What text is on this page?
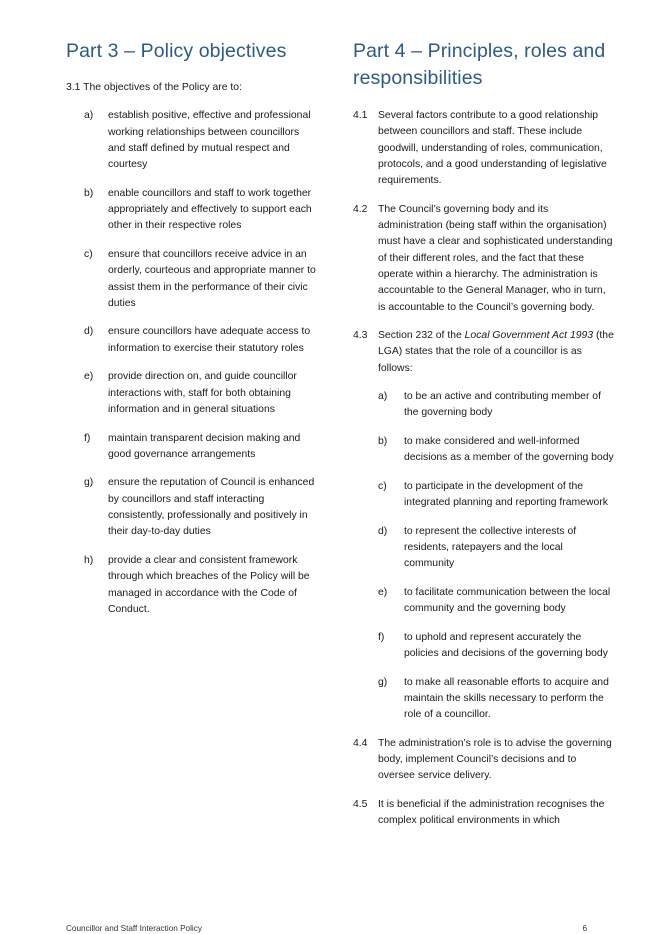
Part 3 – Policy objectives

3.1 The objectives of the Policy are to:

a) establish positive, effective and professional working relationships between councillors and staff defined by mutual respect and courtesy
b) enable councillors and staff to work together appropriately and effectively to support each other in their respective roles
c) ensure that councillors receive advice in an orderly, courteous and appropriate manner to assist them in the performance of their civic duties
d) ensure councillors have adequate access to information to exercise their statutory roles
e) provide direction on, and guide councillor interactions with, staff for both obtaining information and in general situations
f) maintain transparent decision making and good governance arrangements
g) ensure the reputation of Council is enhanced by councillors and staff interacting consistently, professionally and positively in their day-to-day duties
h) provide a clear and consistent framework through which breaches of the Policy will be managed in accordance with the Code of Conduct.
Part 4 – Principles, roles and responsibilities
4.1 Several factors contribute to a good relationship between councillors and staff. These include goodwill, understanding of roles, communication, protocols, and a good understanding of legislative requirements.
4.2 The Council’s governing body and its administration (being staff within the organisation) must have a clear and sophisticated understanding of their different roles, and the fact that these operate within a hierarchy. The administration is accountable to the General Manager, who in turn, is accountable to the Council’s governing body.
4.3 Section 232 of the Local Government Act 1993 (the LGA) states that the role of a councillor is as follows:
a) to be an active and contributing member of the governing body
b) to make considered and well-informed decisions as a member of the governing body
c) to participate in the development of the integrated planning and reporting framework
d) to represent the collective interests of residents, ratepayers and the local community
e) to facilitate communication between the local community and the governing body
f) to uphold and represent accurately the policies and decisions of the governing body
g) to make all reasonable efforts to acquire and maintain the skills necessary to perform the role of a councillor.
4.4 The administration’s role is to advise the governing body, implement Council’s decisions and to oversee service delivery.
4.5 It is beneficial if the administration recognises the complex political environments in which
Councillor and Staff Interaction Policy	6
